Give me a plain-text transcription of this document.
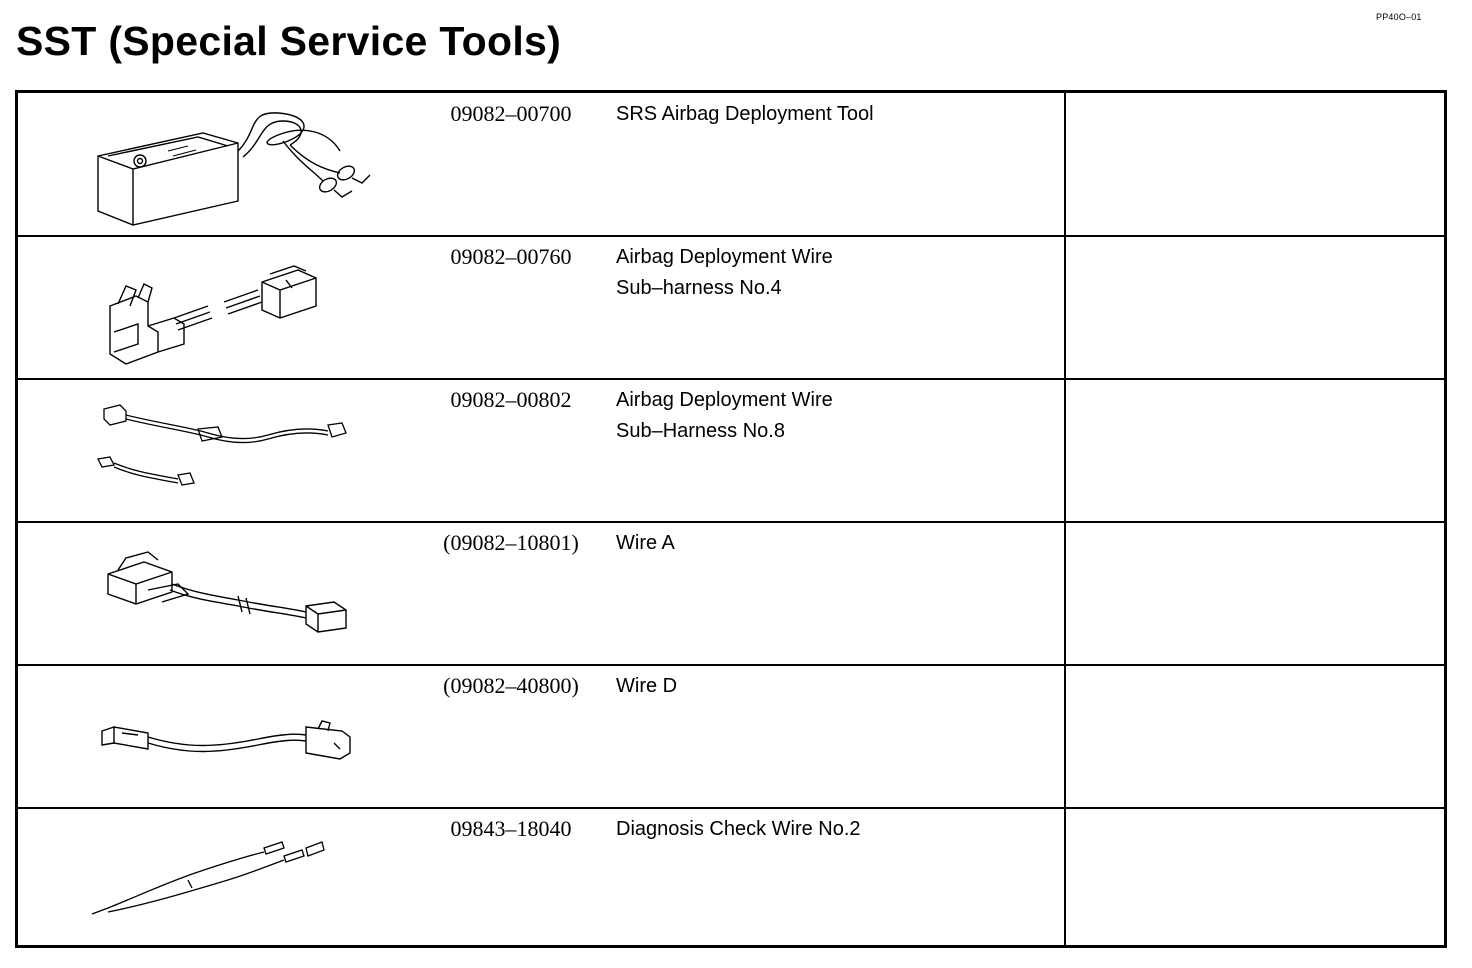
PP40O–01
SST (Special Service Tools)
09082–00700	SRS Airbag Deployment Tool
09082–00760	Airbag Deployment Wire
Sub–harness No.4
09082–00802	Airbag Deployment Wire
Sub–Harness No.8
(09082–10801)	Wire A
(09082–40800)	Wire D
09843–18040	Diagnosis Check Wire No.2
